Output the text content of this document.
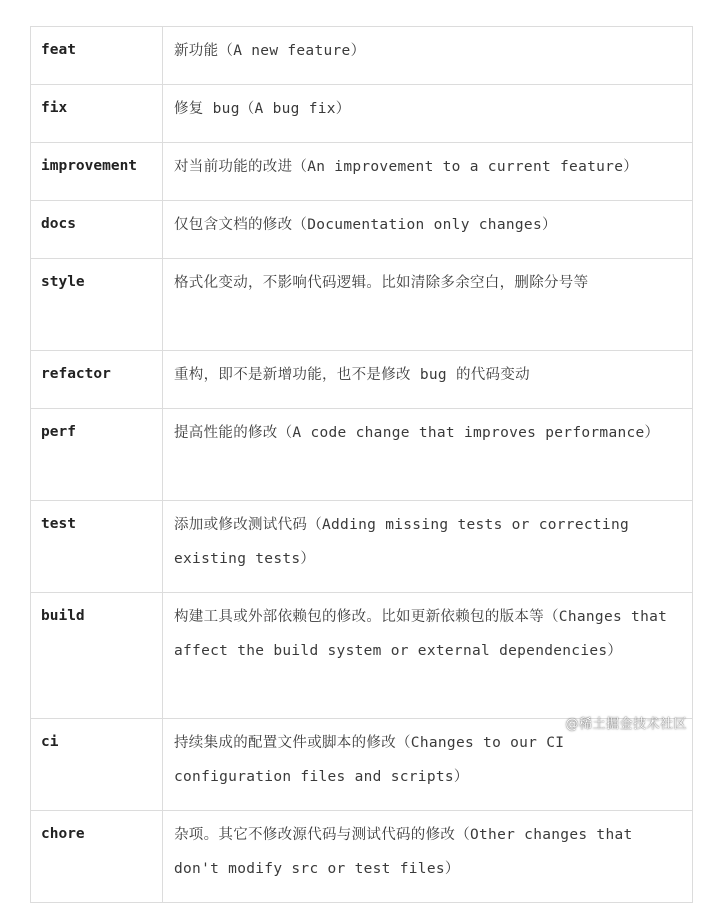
feat	新功能（A new feature）
fix	修复 bug（A bug fix）
improvement	对当前功能的改进（An improvement to a current feature）
docs	仅包含文档的修改（Documentation only changes）
style	格式化变动，不影响代码逻辑。比如清除多余空白，删除分号等
refactor	重构，即不是新增功能，也不是修改 bug 的代码变动
perf	提高性能的修改（A code change that improves performance）
test	添加或修改测试代码（Adding missing tests or correcting existing tests）
build	构建工具或外部依赖包的修改。比如更新依赖包的版本等（Changes that affect the build system or external dependencies）
ci	持续集成的配置文件或脚本的修改（Changes to our CI configuration files and scripts）
chore	杂项。其它不修改源代码与测试代码的修改（Other changes that don't modify src or test files）
@稀土掘金技术社区
